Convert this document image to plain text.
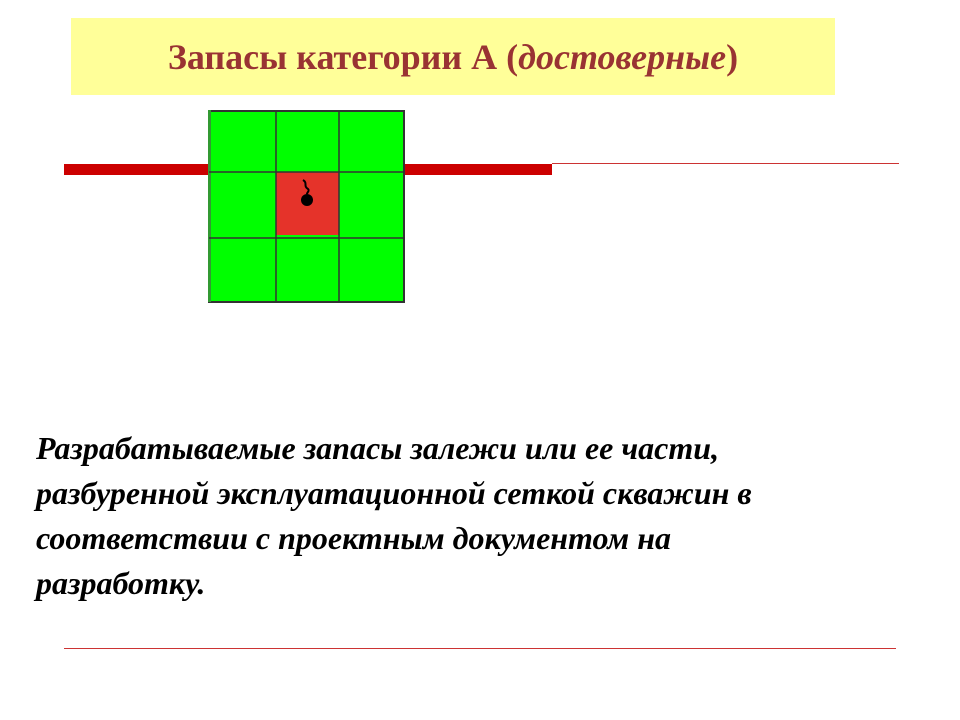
Запасы категории А (достоверные)

Разрабатываемые запасы залежи или ее части,
разбуренной эксплуатационной сеткой скважин в
соответствии с проектным документом на
разработку.
